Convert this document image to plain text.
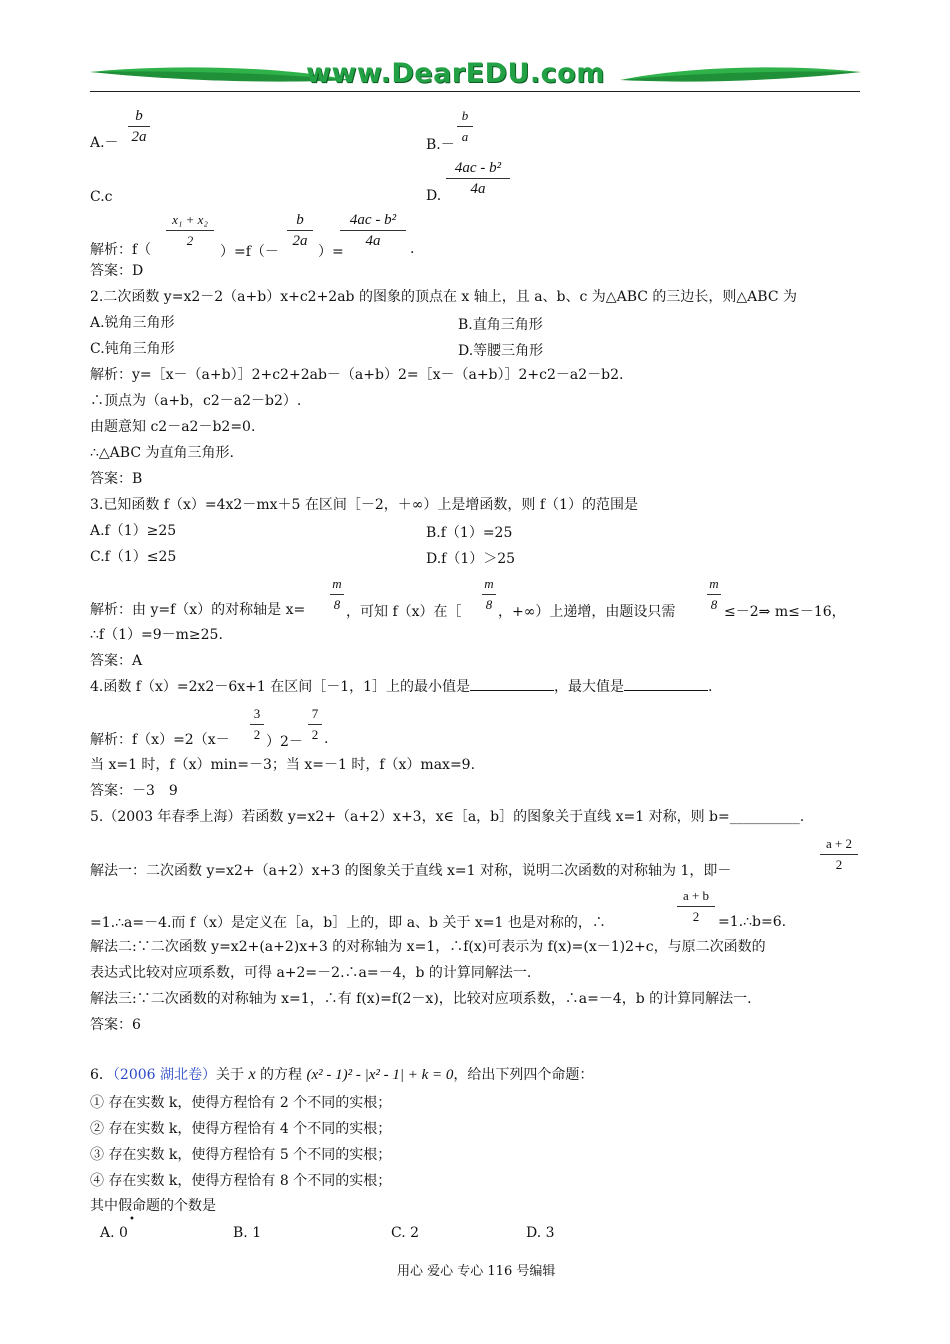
www.DearEDU.com
$A.- \frac{b}{2a}$	$B.- \frac{b}{a}$
C.c	D. $\frac{\text{4ac - b²}}{4a}$
解析：$f( \frac{\text{x₁ + x₂}}{2}$
）=f（－
$\frac{b}{2a}$
）=
$\frac{\text{4ac - b²}}{4a}$ .
答案：D
2.二次函数 y=x2－2（a+b）x+c2+2ab 的图象的顶点在 x 轴上，且 a、b、c 为△ABC 的三边长，则△ABC 为
A.锐角三角形	B.直角三角形
C.钝角三角形	D.等腰三角形
解析：y=［x－（a+b）］2+c2+2ab－（a+b）2=［x－（a+b）］2+c2－a2－b2.
∴顶点为（a+b，c2－a2－b2）.
由题意知 c2－a2－b2=0.
∴△ABC 为直角三角形.
答案：B
3.已知函数 f（x）=4x2－mx＋5 在区间［－2，＋∞）上是增函数，则 f（1）的范围是
A.f（1）≥25	B.f（1）=25
C.f（1）≤25	D.f（1）＞25
解析：由 y=f（x）的对称轴是 $x= \frac{m}{8}$ ，可知 f（x）在［ $\frac{m}{8}$ ，+∞）上递增，由题设只需 $\frac{m}{8}$ ≤－2⇒ m≤－16，
∴f（1）=9－m≥25.
答案：A
4.函数 f（x）=2x2－6x+1 在区间［－1，1］上的最小值是	，最大值是	.
解析：$f(x)=2(x- \frac{3}{2} )2- \frac{7}{2}$ .
当 x=1 时，f（x）min=－3；当 x=－1 时，f（x）max=9.
答案：－3　9
5.（2003 年春季上海）若函数 y=x2+（a+2）x+3，x∈［a，b］的图象关于直线 x=1 对称，则 b=__________.
解法一：二次函数 y=x2+（a+2）x+3 的图象关于直线 x=1 对称，说明二次函数的对称轴为 1，即－	$\frac{a + 2}{2}$
=1.∴a=－4.而 f（x）是定义在［a，b］上的，即 a、b 关于 x=1 也是对称的，∴	$\frac{a + b}{2}$ =1.∴b=6.
解法二:∵二次函数 y=x2+(a+2)x+3 的对称轴为 x=1，∴f(x)可表示为 f(x)=(x－1)2+c，与原二次函数的
表达式比较对应项系数，可得 a+2=－2.∴a=－4，b 的计算同解法一.
解法三:∵二次函数的对称轴为 x=1，∴有 f(x)=f(2－x)，比较对应项系数，∴a=－4，b 的计算同解法一.
答案：6
6．（2006 湖北卷）关于 x 的方程 (x² - 1)² - |x² - 1| + k = 0，给出下列四个命题：
① 存在实数 k，使得方程恰有 2 个不同的实根；
② 存在实数 k，使得方程恰有 4 个不同的实根；
③ 存在实数 k，使得方程恰有 5 个不同的实根；
④ 存在实数 k，使得方程恰有 8 个不同的实根；
其中假命题的个数是
•
A. 0	B. 1	C. 2	D. 3
用心 爱心 专心 116 号编辑
